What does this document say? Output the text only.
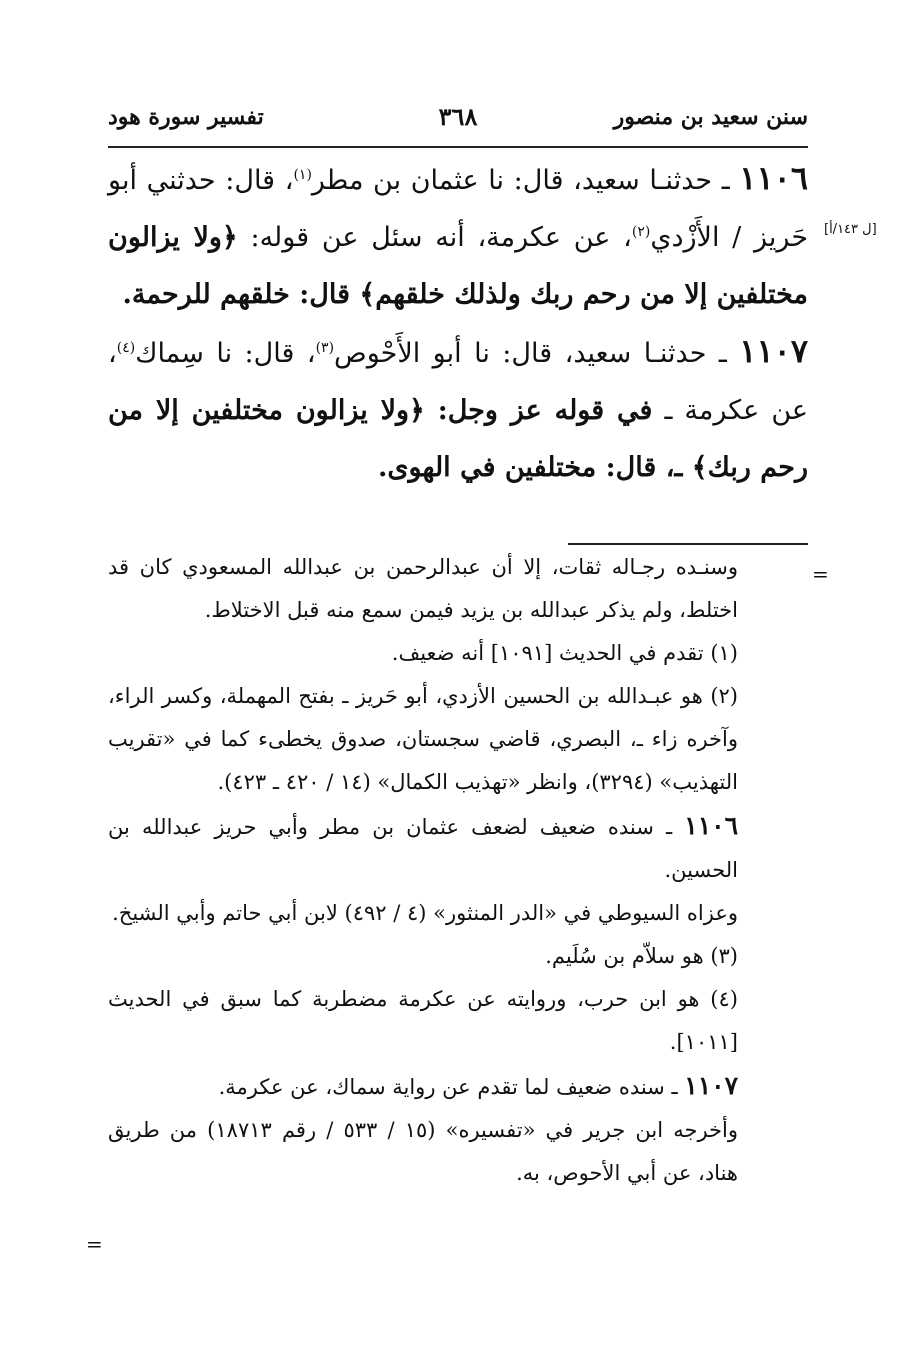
سنن سعيد بن منصور
٣٦٨
تفسير سورة هود
[ل ١٤٣/أ]

١١٠٦ ـ حدثنـا سعيد، قال: نا عثمان بن مطر$^{(١)}$، قال: حدثني أبو حَريز / الأَزْدي$^{(٢)}$، عن عكرمة، أنه سئل عن قوله: ﴿ولا يزالون مختلفين إلا من رحم ربك ولذلك خلقهم﴾ قال: خلقهم للرحمة.

١١٠٧ ـ حدثنـا سعيد، قال: نا أبو الأَحْوص$^{(٣)}$، قال: نا سِماك$^{(٤)}$، عن عكرمة ـ في قوله عز وجل: ﴿ولا يزالون مختلفين إلا من رحم ربك﴾ ـ، قال: مختلفين في الهوى.

=

وسنـده رجـاله ثقات، إلا أن عبدالرحمن بن عبدالله المسعودي كان قد اختلط، ولم يذكر عبدالله بن يزيد فيمن سمع منه قبل الاختلاط.

(١) تقدم في الحديث [١٠٩١] أنه ضعيف.

(٢) هو عبـدالله بن الحسين الأزدي، أبو حَريز ـ بفتح المهملة، وكسر الراء، وآخره زاء ـ، البصري، قاضي سجستان، صدوق يخطىء كما في «تقريب التهذيب» (٣٢٩٤)، وانظر «تهذيب الكمال» (١٤ / ٤٢٠ ـ ٤٢٣).

١١٠٦ ـ سنده ضعيف لضعف عثمان بن مطر وأبي حريز عبدالله بن الحسين.

وعزاه السيوطي في «الدر المنثور» (٤ / ٤٩٢) لابن أبي حاتم وأبي الشيخ.

(٣) هو سلاّم بن سُلَيم.

(٤) هو ابن حرب، وروايته عن عكرمة مضطربة كما سبق في الحديث [١٠١١].

١١٠٧ ـ سنده ضعيف لما تقدم عن رواية سماك، عن عكرمة.

وأخرجه ابن جرير في «تفسيره» (١٥ / ٥٣٣ / رقم ١٨٧١٣) من طريق هناد، عن أبي الأحوص، به.

=
